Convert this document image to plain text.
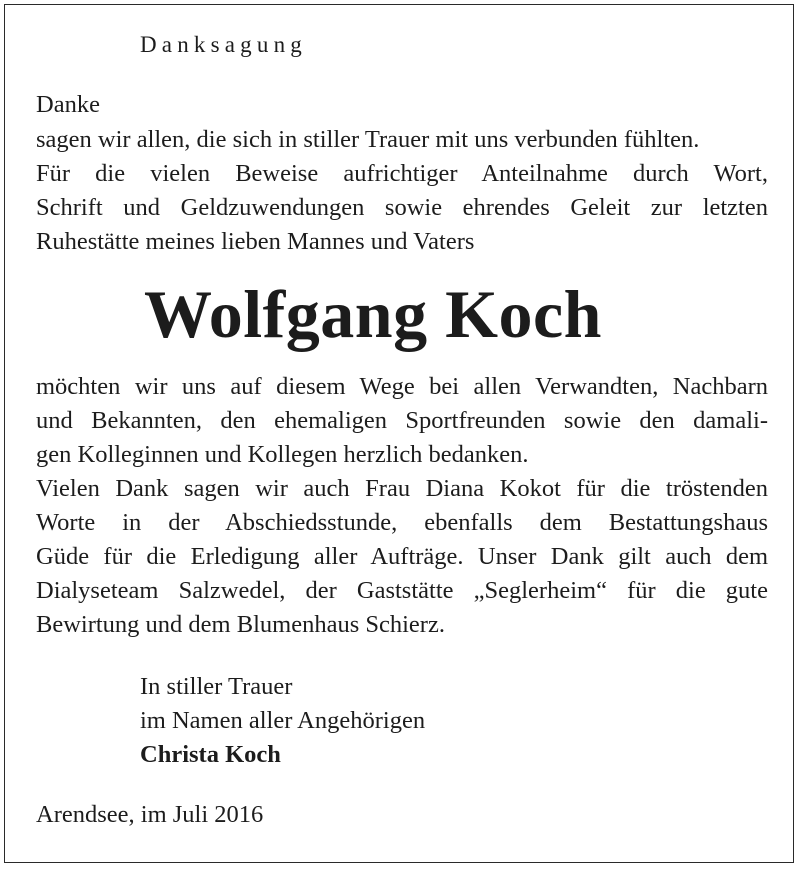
Danksagung
Danke
sagen wir allen, die sich in stiller Trauer mit uns verbunden fühlten.
Für die vielen Beweise aufrichtiger Anteilnahme durch Wort,
Schrift und Geldzuwendungen sowie ehrendes Geleit zur letzten
Ruhestätte meines lieben Mannes und Vaters
Wolfgang Koch
möchten wir uns auf diesem Wege bei allen Verwandten, Nachbarn
und Bekannten, den ehemaligen Sportfreunden sowie den damali-
gen Kolleginnen und Kollegen herzlich bedanken.
Vielen Dank sagen wir auch Frau Diana Kokot für die tröstenden
Worte in der Abschiedsstunde, ebenfalls dem Bestattungshaus
Güde für die Erledigung aller Aufträge. Unser Dank gilt auch dem
Dialyseteam Salzwedel, der Gaststätte „Seglerheim“ für die gute
Bewirtung und dem Blumenhaus Schierz.
In stiller Trauer
im Namen aller Angehörigen
Christa Koch
Arendsee, im Juli 2016
